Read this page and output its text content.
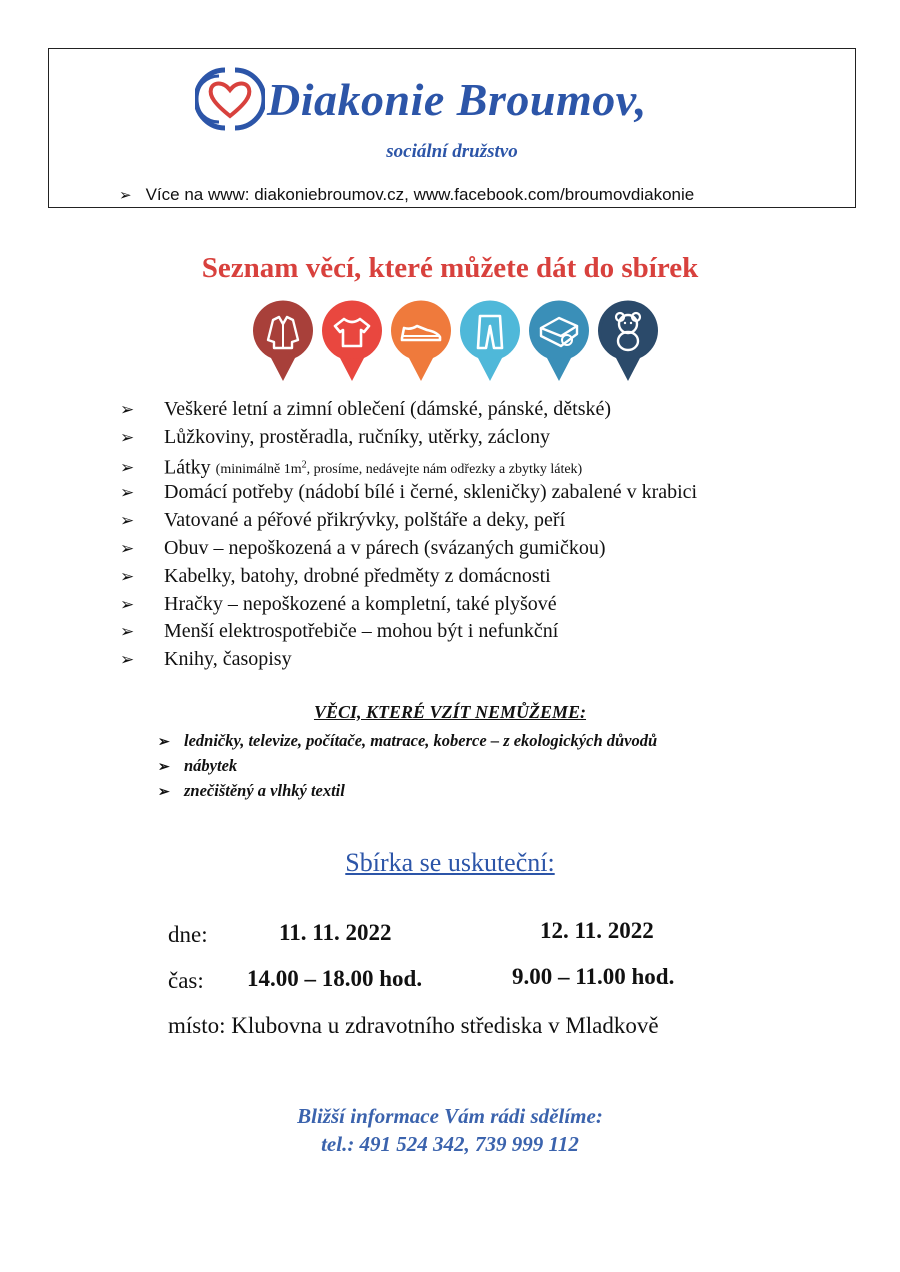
Diakonie Broumov,
sociální družstvo
➢ Více na www: diakoniebroumov.cz, www.facebook.com/broumovdiakonie
Seznam věcí, které můžete dát do sbírek
➢ Veškeré letní a zimní oblečení (dámské, pánské, dětské)
➢ Lůžkoviny, prostěradla, ručníky, utěrky, záclony
➢ Látky (minimálně $1m^2$, prosíme, nedávejte nám odřezky a zbytky látek)
➢ Domácí potřeby (nádobí bílé i černé, skleničky) zabalené v krabici
➢ Vatované a péřové přikrývky, polštáře a deky, peří
➢ Obuv – nepoškozená a v párech (svázaných gumičkou)
➢ Kabelky, batohy, drobné předměty z domácnosti
➢ Hračky – nepoškozené a kompletní, také plyšové
➢ Menší elektrospotřebiče – mohou být i nefunkční
➢ Knihy, časopisy
VĚCI, KTERÉ VZÍT NEMŮŽEME:
➢ ledničky, televize, počítače, matrace, koberce – z ekologických důvodů
➢ nábytek
➢ znečištěný a vlhký textil
Sbírka se uskuteční:
dne:	11. 11. 2022	12. 11. 2022
čas: 14.00 – 18.00 hod.	9.00 – 11.00 hod.
místo: Klubovna u zdravotního střediska v Mladkově
Bližší informace Vám rádi sdělíme:
tel.: 491 524 342, 739 999 112
